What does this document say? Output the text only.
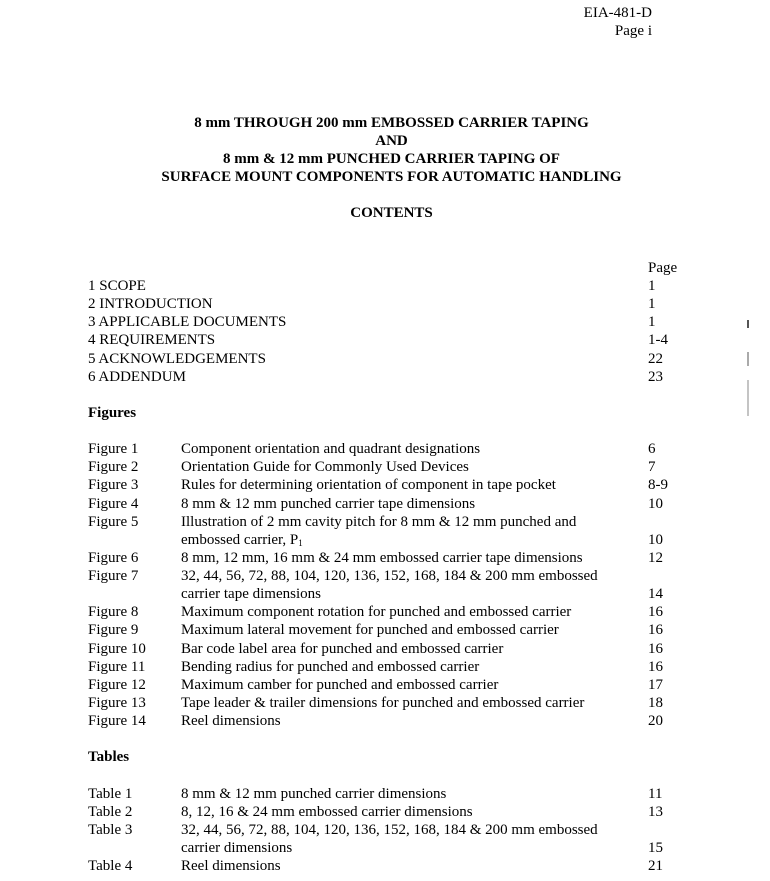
EIA-481-D
Page i
8 mm THROUGH 200 mm EMBOSSED CARRIER TAPING
AND
8 mm & 12 mm PUNCHED CARRIER TAPING OF
SURFACE MOUNT COMPONENTS FOR AUTOMATIC HANDLING
CONTENTS
Page
1 SCOPE	1
2 INTRODUCTION	1
3 APPLICABLE DOCUMENTS	1
4 REQUIREMENTS	1-4
5 ACKNOWLEDGEMENTS	22
6 ADDENDUM	23
Figures
Figure 1	Component orientation and quadrant designations	6
Figure 2	Orientation Guide for Commonly Used Devices	7
Figure 3	Rules for determining orientation of component in tape pocket	8-9
Figure 4	8 mm & 12 mm punched carrier tape dimensions	10
Figure 5	Illustration of 2 mm cavity pitch for 8 mm & 12 mm punched and
embossed carrier, $P_1$	10
Figure 6	8 mm, 12 mm, 16 mm & 24 mm embossed carrier tape dimensions	12
Figure 7	32, 44, 56, 72, 88, 104, 120, 136, 152, 168, 184 & 200 mm embossed
carrier tape dimensions	14
Figure 8	Maximum component rotation for punched and embossed carrier	16
Figure 9	Maximum lateral movement for punched and embossed carrier	16
Figure 10 Bar code label area for punched and embossed carrier	16
Figure 11 Bending radius for punched and embossed carrier	16
Figure 12 Maximum camber for punched and embossed carrier	17
Figure 13 Tape leader & trailer dimensions for punched and embossed carrier	18
Figure 14 Reel dimensions	20
Tables
Table 1	8 mm & 12 mm punched carrier dimensions	11
Table 2	8, 12, 16 & 24 mm embossed carrier dimensions	13
Table 3	32, 44, 56, 72, 88, 104, 120, 136, 152, 168, 184 & 200 mm embossed
carrier dimensions	15
Table 4	Reel dimensions	21
